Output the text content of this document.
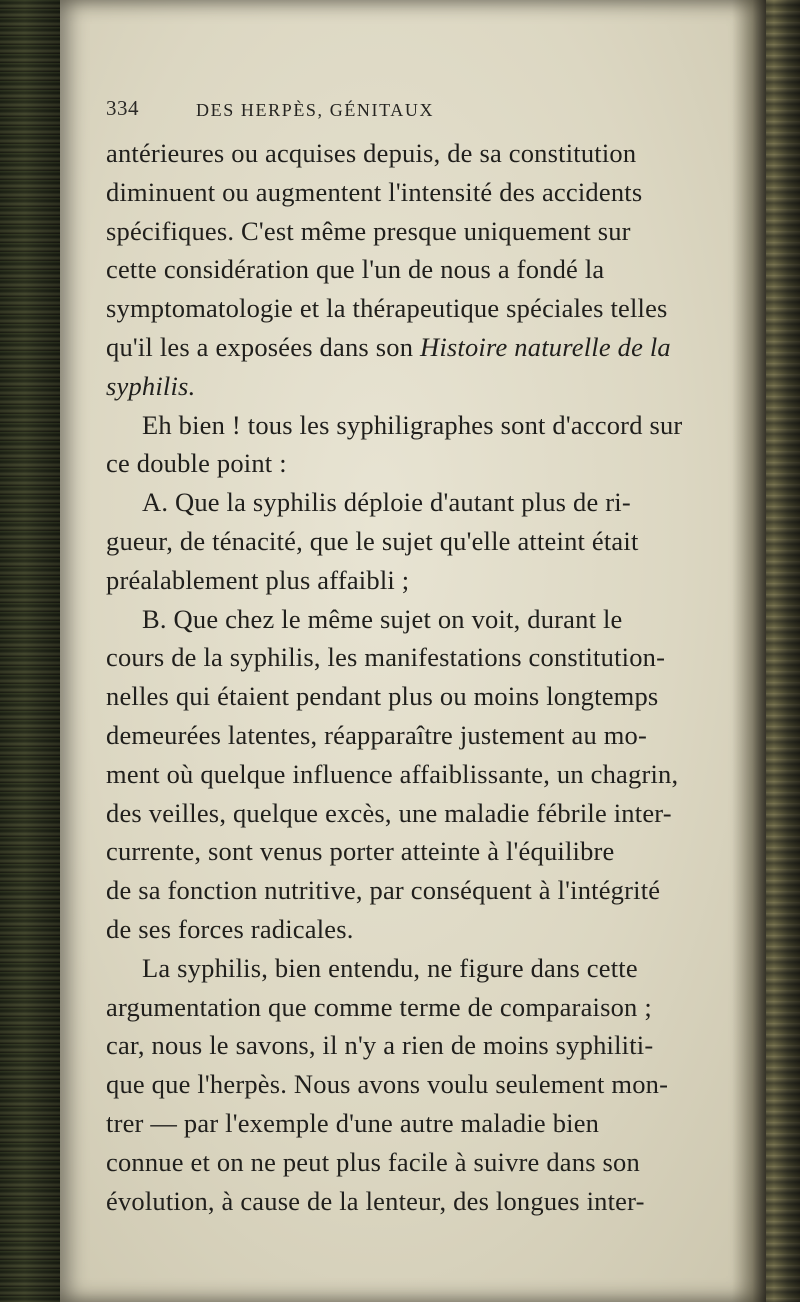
334	DES HERPÈS, GÉNITAUX
antérieures ou acquises depuis, de sa constitution
diminuent ou augmentent l'intensité des accidents
spécifiques. C'est même presque uniquement sur
cette considération que l'un de nous a fondé la
symptomatologie et la thérapeutique spéciales telles
qu'il les a exposées dans son Histoire naturelle de la
syphilis.
Eh bien ! tous les syphiligraphes sont d'accord sur
ce double point :
A. Que la syphilis déploie d'autant plus de ri-
gueur, de ténacité, que le sujet qu'elle atteint était
préalablement plus affaibli ;
B. Que chez le même sujet on voit, durant le
cours de la syphilis, les manifestations constitution-
nelles qui étaient pendant plus ou moins longtemps
demeurées latentes, réapparaître justement au mo-
ment où quelque influence affaiblissante, un chagrin,
des veilles, quelque excès, une maladie fébrile inter-
currente, sont venus porter atteinte à l'équilibre
de sa fonction nutritive, par conséquent à l'intégrité
de ses forces radicales.
La syphilis, bien entendu, ne figure dans cette
argumentation que comme terme de comparaison ;
car, nous le savons, il n'y a rien de moins syphiliti-
que que l'herpès. Nous avons voulu seulement mon-
trer — par l'exemple d'une autre maladie bien
connue et on ne peut plus facile à suivre dans son
évolution, à cause de la lenteur, des longues inter-
